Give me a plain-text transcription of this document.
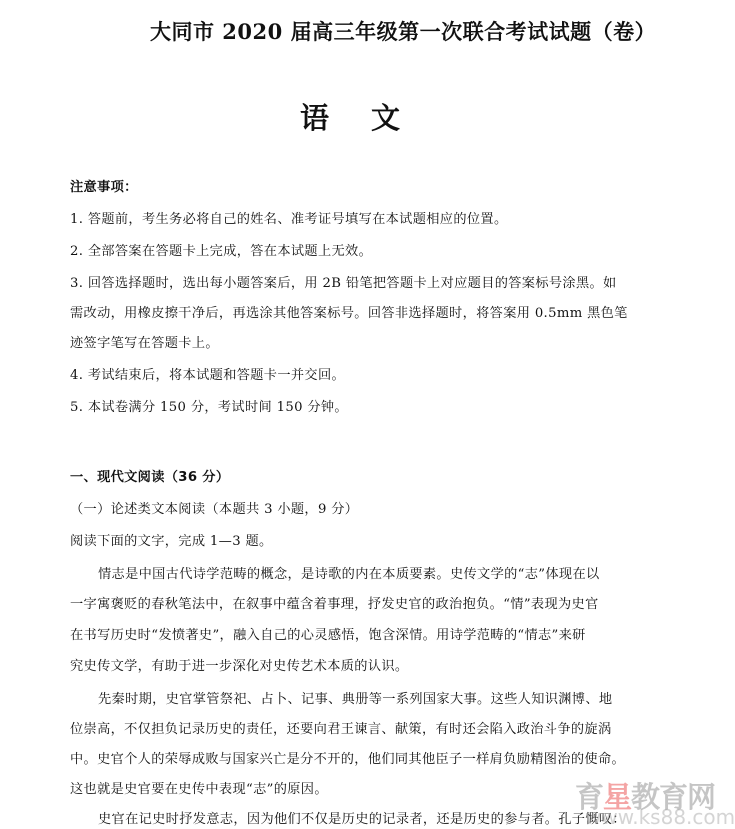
大同市 2020 届高三年级第一次联合考试试题（卷）
语 文
注意事项：
1. 答题前，考生务必将自己的姓名、准考证号填写在本试题相应的位置。
2. 全部答案在答题卡上完成，答在本试题上无效。
3. 回答选择题时，选出每小题答案后，用 2B 铅笔把答题卡上对应题目的答案标号涂黑。如
需改动，用橡皮擦干净后，再选涂其他答案标号。回答非选择题时，将答案用 0.5mm 黑色笔
迹签字笔写在答题卡上。
4. 考试结束后，将本试题和答题卡一并交回。
5. 本试卷满分 150 分，考试时间 150 分钟。
一、现代文阅读（36 分）
（一）论述类文本阅读（本题共 3 小题，9 分）
阅读下面的文字，完成 1—3 题。
情志是中国古代诗学范畴的概念，是诗歌的内在本质要素。史传文学的“志”体现在以
一字寓褒贬的春秋笔法中，在叙事中蕴含着事理，抒发史官的政治抱负。“情”表现为史官
在书写历史时“发愤著史”，融入自己的心灵感悟，饱含深情。用诗学范畴的“情志”来研
究史传文学，有助于进一步深化对史传艺术本质的认识。
先秦时期，史官掌管祭祀、占卜、记事、典册等一系列国家大事。这些人知识渊博、地
位崇高，不仅担负记录历史的责任，还要向君王谏言、献策，有时还会陷入政治斗争的旋涡
中。史官个人的荣辱成败与国家兴亡是分不开的，他们同其他臣子一样肩负励精图治的使命。
这也就是史官要在史传中表现“志”的原因。
史官在记史时抒发意志，因为他们不仅是历史的记录者，还是历史的参与者。孔子慨叹：
育星教育网
www.ks88.com
